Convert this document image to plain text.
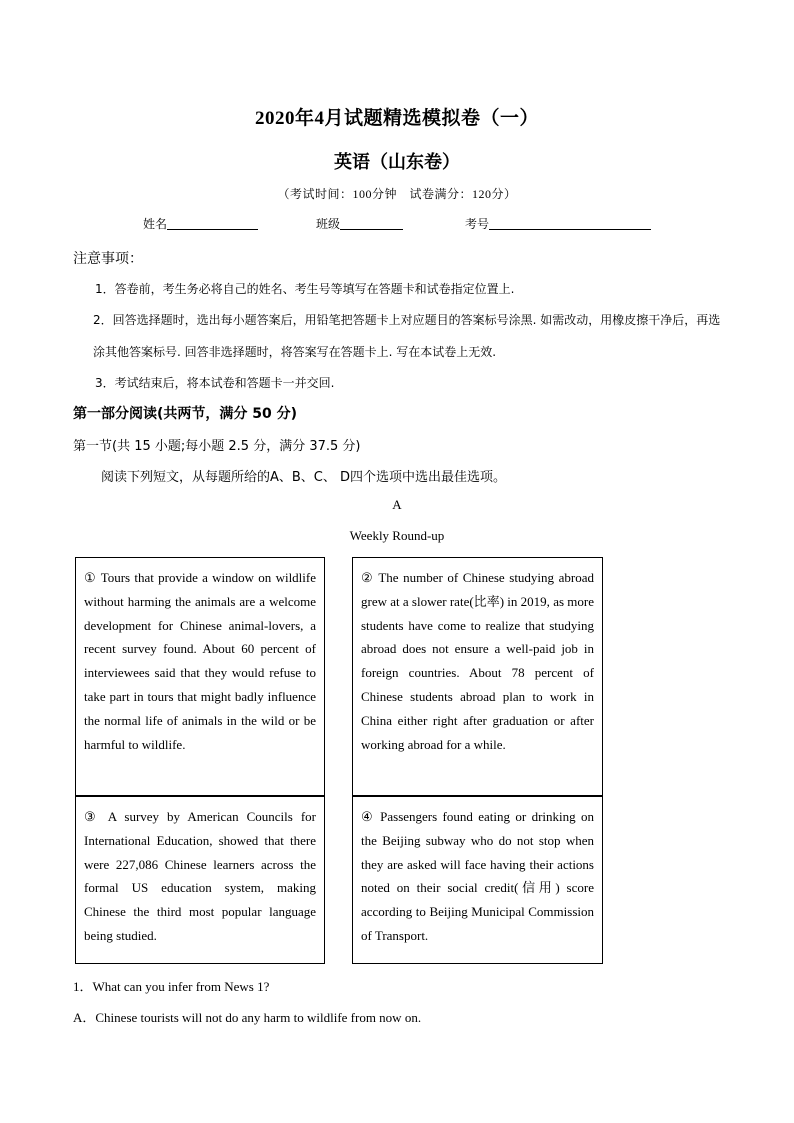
2020年4月试题精选模拟卷（一）
英语（山东卷）
（考试时间：100分钟　试卷满分：120分）
姓名	班级	考号
注意事项：
1．答卷前，考生务必将自己的姓名、考生号等填写在答题卡和试卷指定位置上.
2．回答选择题时，选出每小题答案后，用铅笔把答题卡上对应题目的答案标号涂黑. 如需改动，用橡皮擦干净后，再选
涂其他答案标号. 回答非选择题时，将答案写在答题卡上. 写在本试卷上无效.
3．考试结束后，将本试卷和答题卡一并交回.
第一部分阅读(共两节，满分 50 分)
第一节(共 15 小题;每小题 2.5 分，满分 37.5 分)
阅读下列短文，从每题所给的A、B、C、 D四个选项中选出最佳选项。
A
Weekly Round-up
① Tours that provide a window on wildlife without harming the animals are a welcome development for Chinese animal-lovers, a recent survey found. About 60 percent of interviewees said that they would refuse to take part in tours that might badly influence the normal life of animals in the wild or be harmful to wildlife.
② The number of Chinese studying abroad grew at a slower rate(比率) in 2019, as more students have come to realize that studying abroad does not ensure a well-paid job in foreign countries. About 78 percent of Chinese students abroad plan to work in China either right after graduation or after working abroad for a while.
③ A survey by American Councils for International Education, showed that there were 227,086 Chinese learners across the formal US education system, making Chinese the third most popular language being studied.
④ Passengers found eating or drinking on the Beijing subway who do not stop when they are asked will face having their actions noted on their social credit(信用) score according to Beijing Municipal Commission of Transport.
1．What can you infer from News 1?
A．Chinese tourists will not do any harm to wildlife from now on.
